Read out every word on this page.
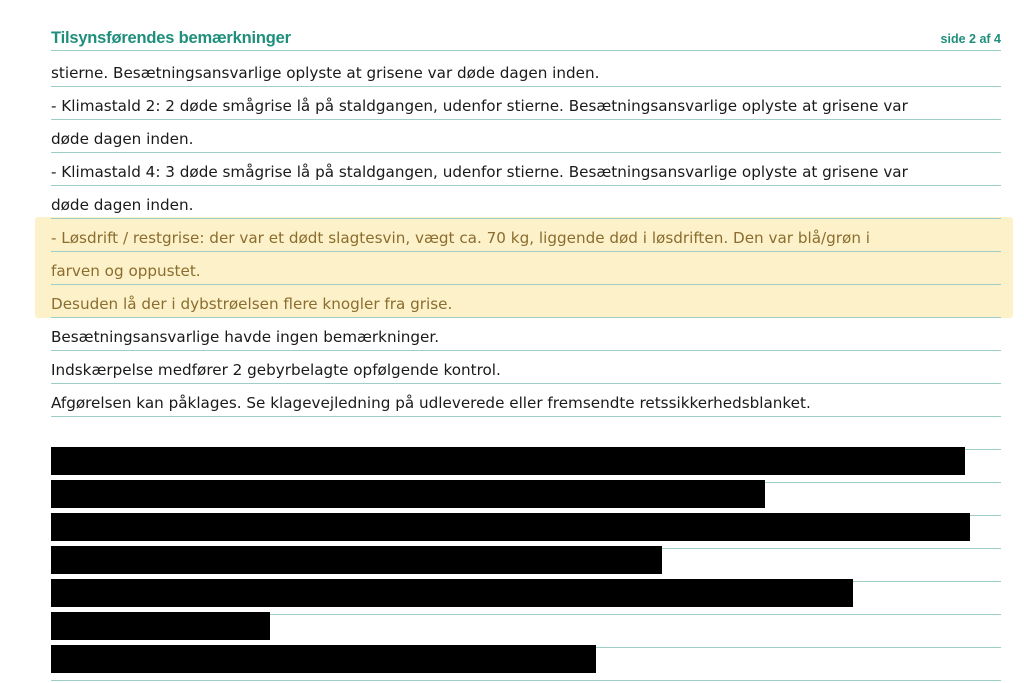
Tilsynsførendes bemærkninger	side 2 af 4
stierne. Besætningsansvarlige oplyste at grisene var døde dagen inden.
- Klimastald 2: 2 døde smågrise lå på staldgangen, udenfor stierne. Besætningsansvarlige oplyste at grisene var
døde dagen inden.
- Klimastald 4: 3 døde smågrise lå på staldgangen, udenfor stierne. Besætningsansvarlige oplyste at grisene var
døde dagen inden.
- Løsdrift / restgrise: der var et dødt slagtesvin, vægt ca. 70 kg, liggende død i løsdriften. Den var blå/grøn i
farven og oppustet.
Desuden lå der i dybstrøelsen flere knogler fra grise.
Besætningsansvarlige havde ingen bemærkninger.
Indskærpelse medfører 2 gebyrbelagte opfølgende kontrol.
Afgørelsen kan påklages. Se klagevejledning på udleverede eller fremsendte retssikkerhedsblanket.
